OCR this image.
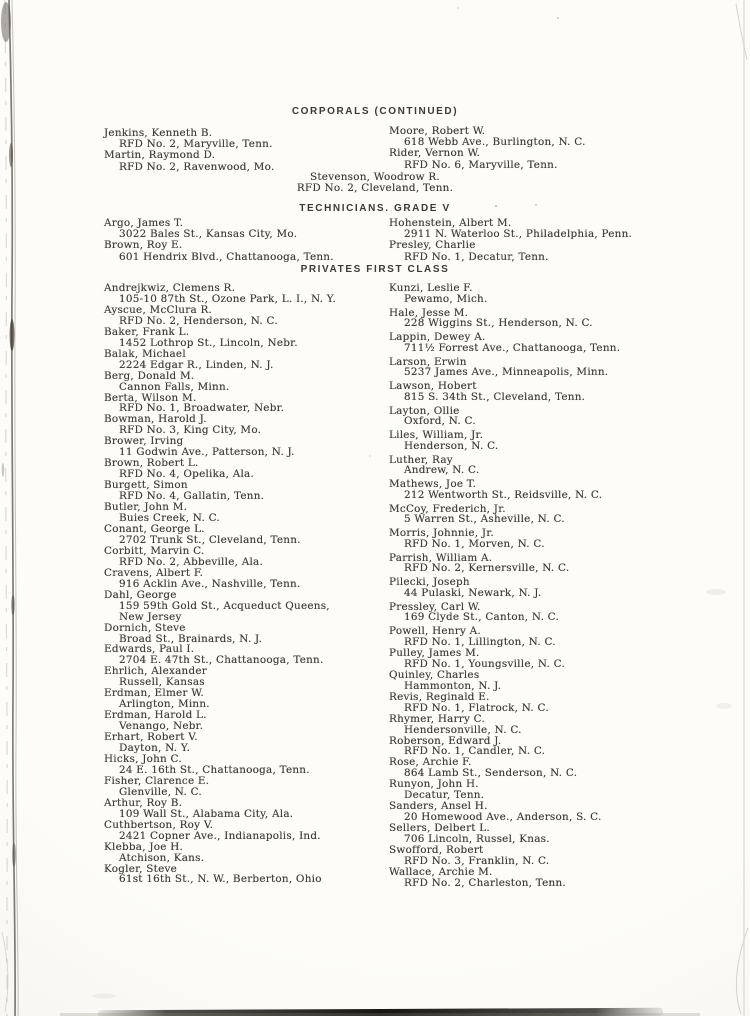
CORPORALS (CONTINUED)
Jenkins, Kenneth B.
RFD No. 2, Maryville, Tenn.
Martin, Raymond D.
RFD No. 2, Ravenwood, Mo.
Moore, Robert W.
618 Webb Ave., Burlington, N. C.
Rider, Vernon W.
RFD No. 6, Maryville, Tenn.
Stevenson, Woodrow R.
RFD No. 2, Cleveland, Tenn.
TECHNICIANS. GRADE V
Argo, James T.
3022 Bales St., Kansas City, Mo.
Brown, Roy E.
601 Hendrix Blvd., Chattanooga, Tenn.
Hohenstein, Albert M.
2911 N. Waterloo St., Philadelphia, Penn.
Presley, Charlie
RFD No. 1, Decatur, Tenn.
PRIVATES FIRST CLASS
Andrejkwiz, Clemens R.
105-10 87th St., Ozone Park, L. I., N. Y.
Ayscue, McClura R.
RFD No. 2, Henderson, N. C.
Baker, Frank L.
1452 Lothrop St., Lincoln, Nebr.
Balak, Michael
2224 Edgar R., Linden, N. J.
Berg, Donald M.
Cannon Falls, Minn.
Berta, Wilson M.
RFD No. 1, Broadwater, Nebr.
Bowman, Harold J.
RFD No. 3, King City, Mo.
Brower, Irving
11 Godwin Ave., Patterson, N. J.
Brown, Robert L.
RFD No. 4, Opelika, Ala.
Burgett, Simon
RFD No. 4, Gallatin, Tenn.
Butler, John M.
Buies Creek, N. C.
Conant, George L.
2702 Trunk St., Cleveland, Tenn.
Corbitt, Marvin C.
RFD No. 2, Abbeville, Ala.
Cravens, Albert F.
916 Acklin Ave., Nashville, Tenn.
Dahl, George
159 59th Gold St., Acqueduct Queens,
New Jersey
Dornich, Steve
Broad St., Brainards, N. J.
Edwards, Paul I.
2704 E. 47th St., Chattanooga, Tenn.
Ehrlich, Alexander
Russell, Kansas
Erdman, Elmer W.
Arlington, Minn.
Erdman, Harold L.
Venango, Nebr.
Erhart, Robert V.
Dayton, N. Y.
Hicks, John C.
24 E. 16th St., Chattanooga, Tenn.
Fisher, Clarence E.
Glenville, N. C.
Arthur, Roy B.
109 Wall St., Alabama City, Ala.
Cuthbertson, Roy V.
2421 Copner Ave., Indianapolis, Ind.
Klebba, Joe H.
Atchison, Kans.
Kogler, Steve
61st 16th St., N. W., Berberton, Ohio
Kunzi, Leslie F.
Pewamo, Mich.
Hale, Jesse M.
228 Wiggins St., Henderson, N. C.
Lappin, Dewey A.
711½ Forrest Ave., Chattanooga, Tenn.
Larson, Erwin
5237 James Ave., Minneapolis, Minn.
Lawson, Hobert
815 S. 34th St., Cleveland, Tenn.
Layton, Ollie
Oxford, N. C.
Liles, William, Jr.
Henderson, N. C.
Luther, Ray
Andrew, N. C.
Mathews, Joe T.
212 Wentworth St., Reidsville, N. C.
McCoy, Frederich, Jr.
5 Warren St., Asheville, N. C.
Morris, Johnnie, Jr.
RFD No. 1, Morven, N. C.
Parrish, William A.
RFD No. 2, Kernersville, N. C.
Pilecki, Joseph
44 Pulaski, Newark, N. J.
Pressley, Carl W.
169 Clyde St., Canton, N. C.
Powell, Henry A.
RFD No. 1, Lillington, N. C.
Pulley, James M.
RFD No. 1, Youngsville, N. C.
Quinley, Charles
Hammonton, N. J.
Revis, Reginald E.
RFD No. 1, Flatrock, N. C.
Rhymer, Harry C.
Hendersonville, N. C.
Roberson, Edward J.
RFD No. 1, Candler, N. C.
Rose, Archie F.
864 Lamb St., Senderson, N. C.
Runyon, John H.
Decatur, Tenn.
Sanders, Ansel H.
20 Homewood Ave., Anderson, S. C.
Sellers, Delbert L.
706 Lincoln, Russel, Knas.
Swofford, Robert
RFD No. 3, Franklin, N. C.
Wallace, Archie M.
RFD No. 2, Charleston, Tenn.
